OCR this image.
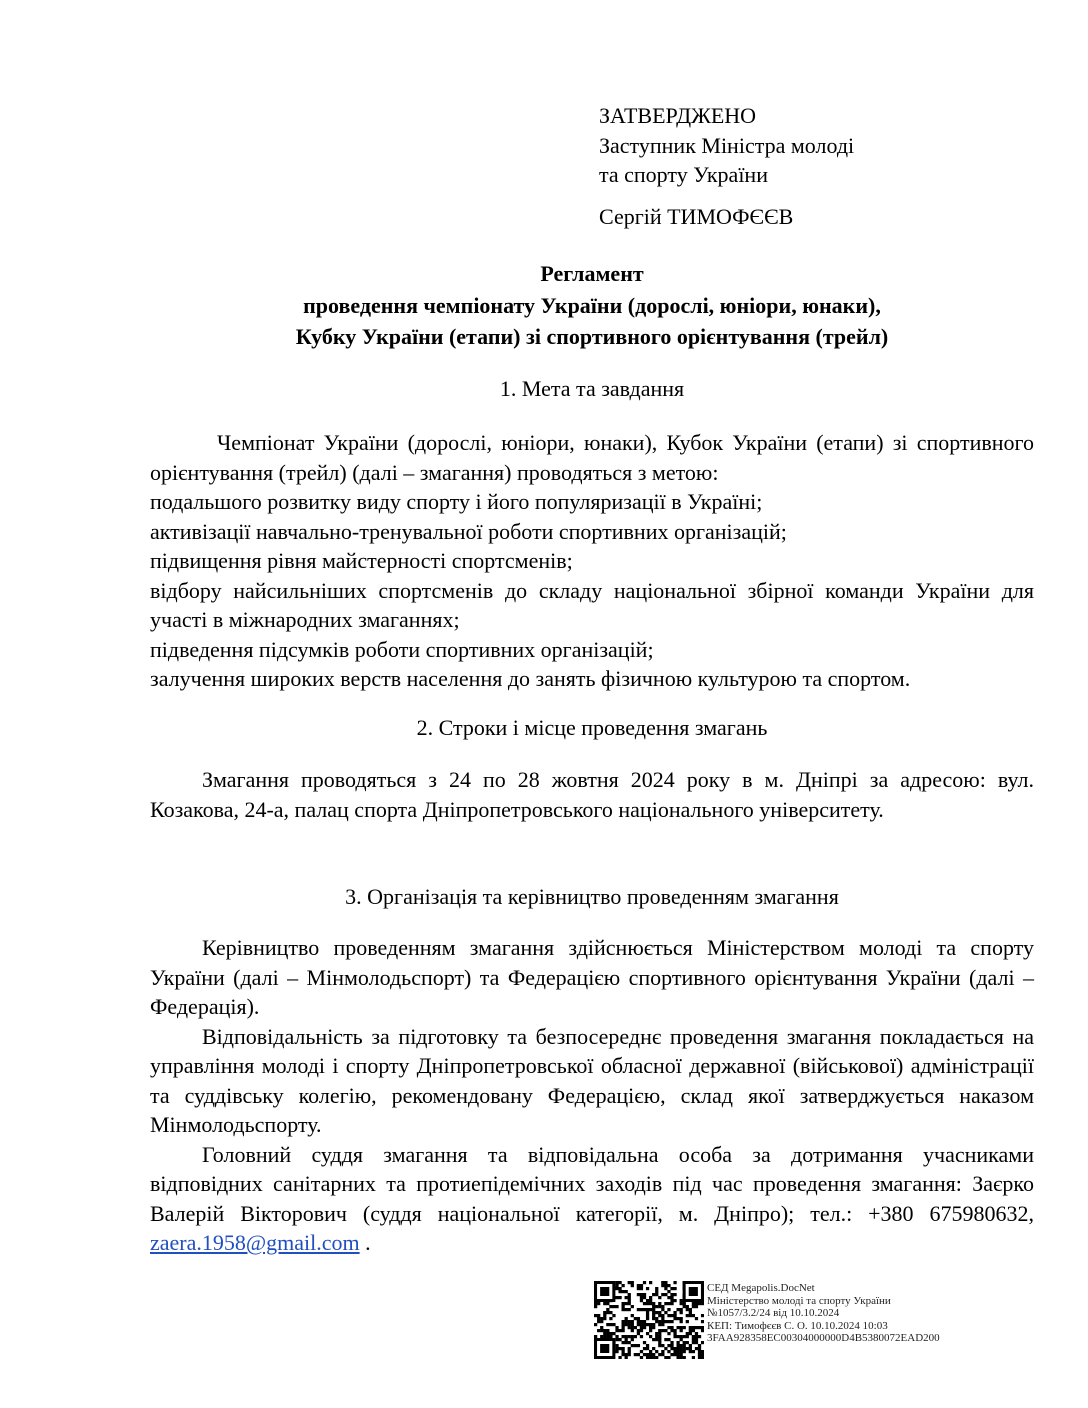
ЗАТВЕРДЖЕНО
Заступник Міністра молоді
та спорту України
Сергій ТИМОФЄЄВ
Регламент
проведення чемпіонату України (дорослі, юніори, юнаки),
Кубку України (етапи) зі спортивного орієнтування (трейл)
1. Мета та завдання

Чемпіонат України (дорослі, юніори, юнаки), Кубок України (етапи) зі спортивного орієнтування (трейл) (далі – змагання) проводяться з метою:

подальшого розвитку виду спорту і його популяризації в Україні;

активізації навчально-тренувальної роботи спортивних організацій;

підвищення рівня майстерності спортсменів;

відбору найсильніших спортсменів до складу національної збірної команди України для участі в міжнародних змаганнях;

підведення підсумків роботи спортивних організацій;

залучення широких верств населення до занять фізичною культурою та спортом.

2. Строки і місце проведення змагань

Змагання проводяться з 24 по 28 жовтня 2024 року в м. Дніпрі за адресою: вул. Козакова, 24-а, палац спорта Дніпропетровського національного університету.

3. Організація та керівництво проведенням змагання

Керівництво проведенням змагання здійснюється Міністерством молоді та спорту України (далі – Мінмолодьспорт) та Федерацією спортивного орієнтування України (далі – Федерація).

Відповідальність за підготовку та безпосереднє проведення змагання покладається на управління молоді і спорту Дніпропетровської обласної державної (військової) адміністрації та суддівську колегію, рекомендовану Федерацією, склад якої затверджується наказом Мінмолодьспорту.

Головний суддя змагання та відповідальна особа за дотримання учасниками відповідних санітарних та протиепідемічних заходів під час проведення змагання: Заєрко Валерій Вікторович (суддя національної категорії, м. Дніпро); тел.: +380 675980632, zaera.1958@gmail.com .

СЕД Megapolis.DocNet
Міністерство молоді та спорту України
№1057/3.2/24 від 10.10.2024
КЕП: Тимофєєв С. О. 10.10.2024 10:03
3FAA928358EC00304000000D4B5380072EAD200
